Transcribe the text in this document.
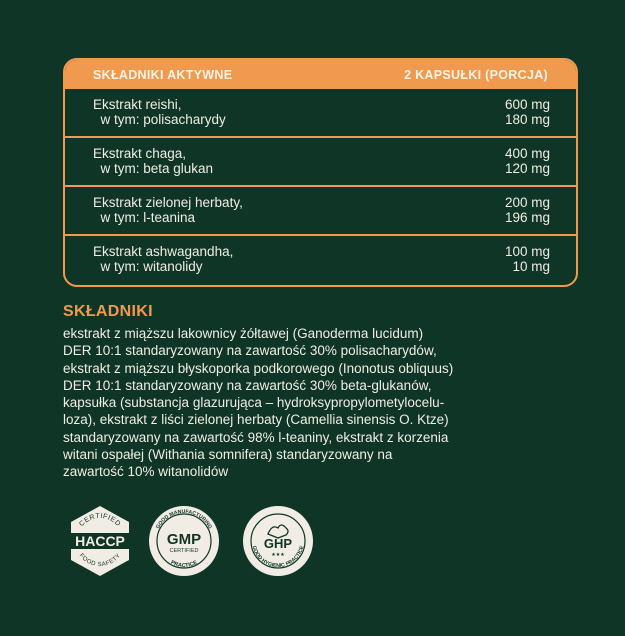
SKŁADNIKI AKTYWNE	2 KAPSUŁKI (PORCJA)
Ekstrakt reishi,
w tym: polisacharydy
600 mg
180 mg
Ekstrakt chaga,
w tym: beta glukan
400 mg
120 mg
Ekstrakt zielonej herbaty,
w tym: l-teanina
200 mg
196 mg
Ekstrakt ashwagandha,
w tym: witanolidy
100 mg
10 mg
SKŁADNIKI
ekstrakt z miąższu lakownicy żółtawej (Ganoderma lucidum)
DER 10:1 standaryzowany na zawartość 30% polisacharydów,
ekstrakt z miąższu błyskoporka podkorowego (Inonotus obliquus)
DER 10:1 standaryzowany na zawartość 30% beta-glukanów,
kapsułka (substancja glazurująca – hydroksypropylometylocelu-
loza), ekstrakt z liści zielonej herbaty (Camellia sinensis O. Ktze)
standaryzowany na zawartość 98% l-teaniny, ekstrakt z korzenia
witani ospałej (Withania somnifera) standaryzowany na
zawartość 10% witanolidów
CERTIFIED
HACCP
FOOD SAFETY
GOOD MANUFACTURING
GMP
CERTIFIED
PRACTICE
GHP
★★★
GOOD HYGIENIC PRACTICE
